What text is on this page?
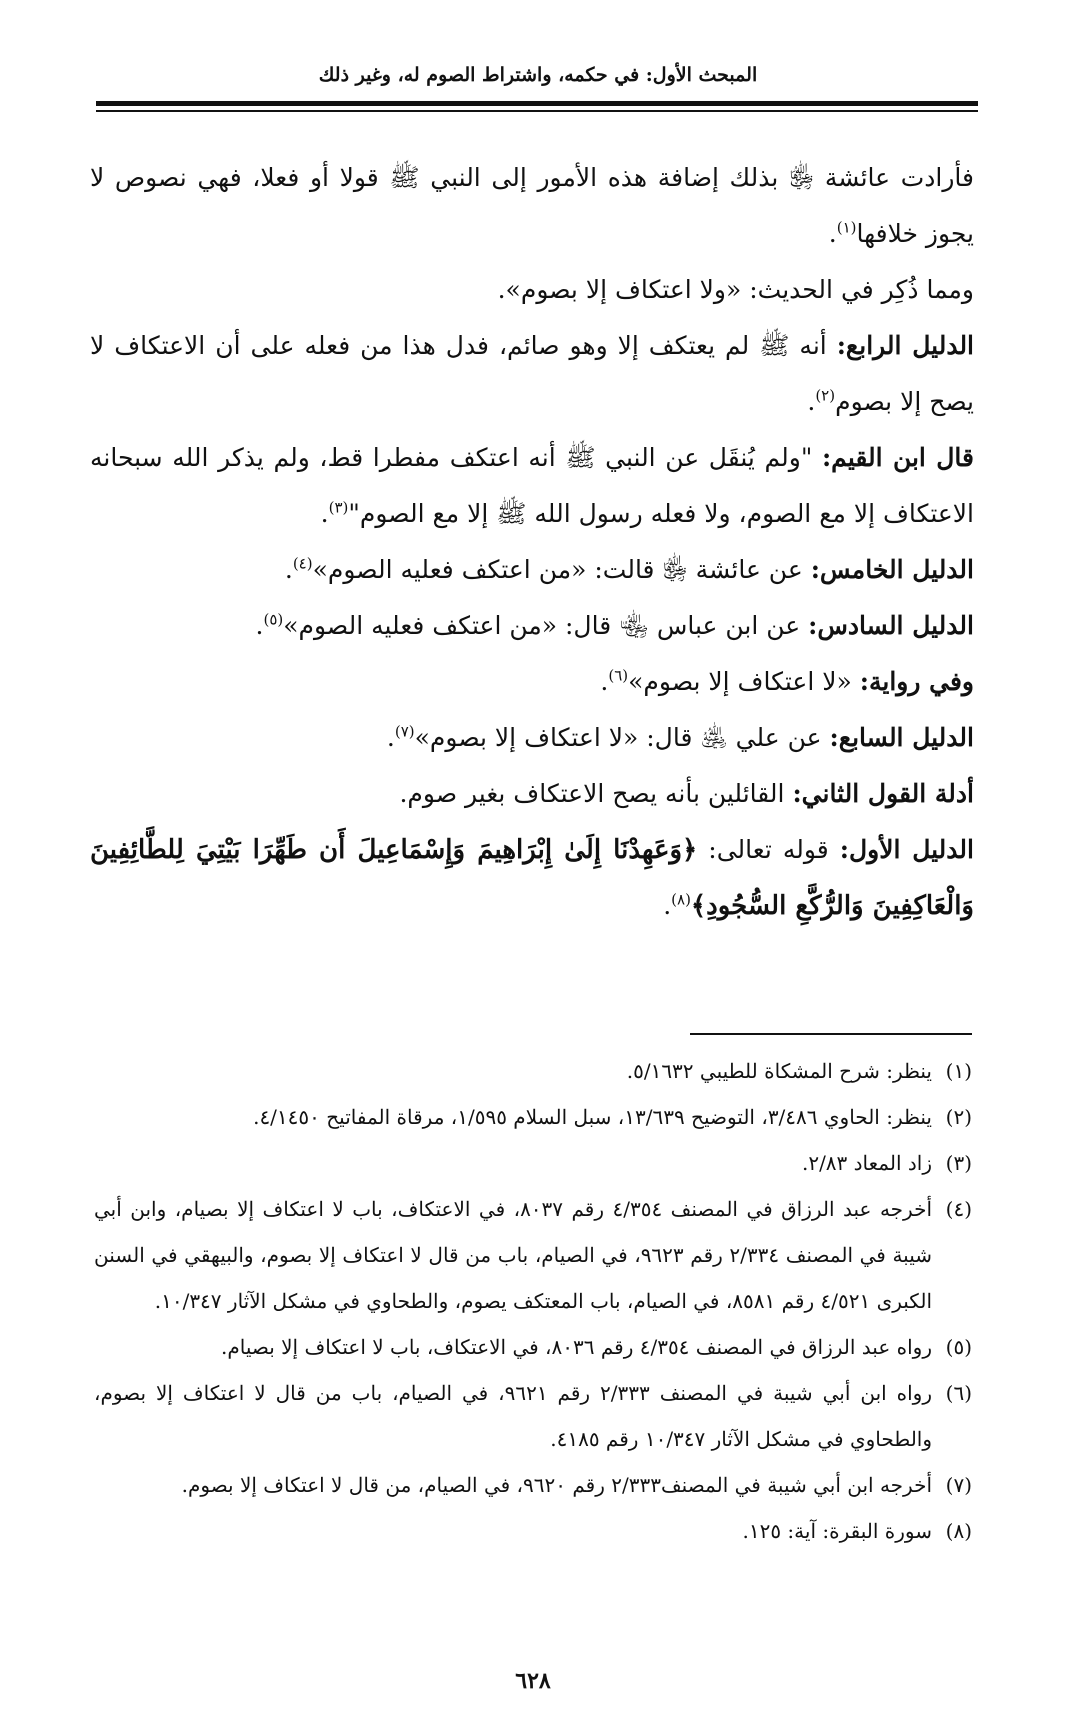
المبحث الأول: في حكمه، واشتراط الصوم له، وغير ذلك

فأرادت عائشة ﵂ بذلك إضافة هذه الأمور إلى النبي ﷺ قولا أو فعلا، فهي نصوص لا يجوز خلافها$^{(١)}$.

ومما ذُكِر في الحديث: «ولا اعتكاف إلا بصوم».

الدليل الرابع: أنه ﷺ لم يعتكف إلا وهو صائم، فدل هذا من فعله على أن الاعتكاف لا يصح إلا بصوم$^{(٢)}$.

قال ابن القيم: "ولم يُنقَل عن النبي ﷺ أنه اعتكف مفطرا قط، ولم يذكر الله سبحانه الاعتكاف إلا مع الصوم، ولا فعله رسول الله ﷺ إلا مع الصوم"$^{(٣)}$.

الدليل الخامس: عن عائشة ﵂ قالت: «من اعتكف فعليه الصوم»$^{(٤)}$.

الدليل السادس: عن ابن عباس ﵄ قال: «من اعتكف فعليه الصوم»$^{(٥)}$.

وفي رواية: «لا اعتكاف إلا بصوم»$^{(٦)}$.

الدليل السابع: عن علي ﵁ قال: «لا اعتكاف إلا بصوم»$^{(٧)}$.

أدلة القول الثاني: القائلين بأنه يصح الاعتكاف بغير صوم.

الدليل الأول: قوله تعالى: ﴿وَعَهِدْنَا إِلَىٰ إِبْرَاهِيمَ وَإِسْمَاعِيلَ أَن طَهِّرَا بَيْتِيَ لِلطَّائِفِينَ وَالْعَاكِفِينَ وَالرُّكَّعِ السُّجُودِ﴾$^{(٨)}$.

(١)
ينظر: شرح المشكاة للطيبي ٥/١٦٣٢.

(٢)
ينظر: الحاوي ٣/٤٨٦، التوضيح ١٣/٦٣٩، سبل السلام ١/٥٩٥، مرقاة المفاتيح ٤/١٤٥٠.

(٣)
زاد المعاد ٢/٨٣.

(٤)
أخرجه عبد الرزاق في المصنف ٤/٣٥٤ رقم ٨٠٣٧، في الاعتكاف، باب لا اعتكاف إلا بصيام، وابن أبي شيبة في المصنف ٢/٣٣٤ رقم ٩٦٢٣، في الصيام، باب من قال لا اعتكاف إلا بصوم، والبيهقي في السنن الكبرى ٤/٥٢١ رقم ٨٥٨١، في الصيام، باب المعتكف يصوم، والطحاوي في مشكل الآثار ١٠/٣٤٧.

(٥)
رواه عبد الرزاق في المصنف ٤/٣٥٤ رقم ٨٠٣٦، في الاعتكاف، باب لا اعتكاف إلا بصيام.

(٦)
رواه ابن أبي شيبة في المصنف ٢/٣٣٣ رقم ٩٦٢١، في الصيام، باب من قال لا اعتكاف إلا بصوم، والطحاوي في مشكل الآثار ١٠/٣٤٧ رقم ٤١٨٥.

(٧)
أخرجه ابن أبي شيبة في المصنف٢/٣٣٣ رقم ٩٦٢٠، في الصيام، من قال لا اعتكاف إلا بصوم.

(٨)
سورة البقرة: آية: ١٢٥.

٦٢٨
